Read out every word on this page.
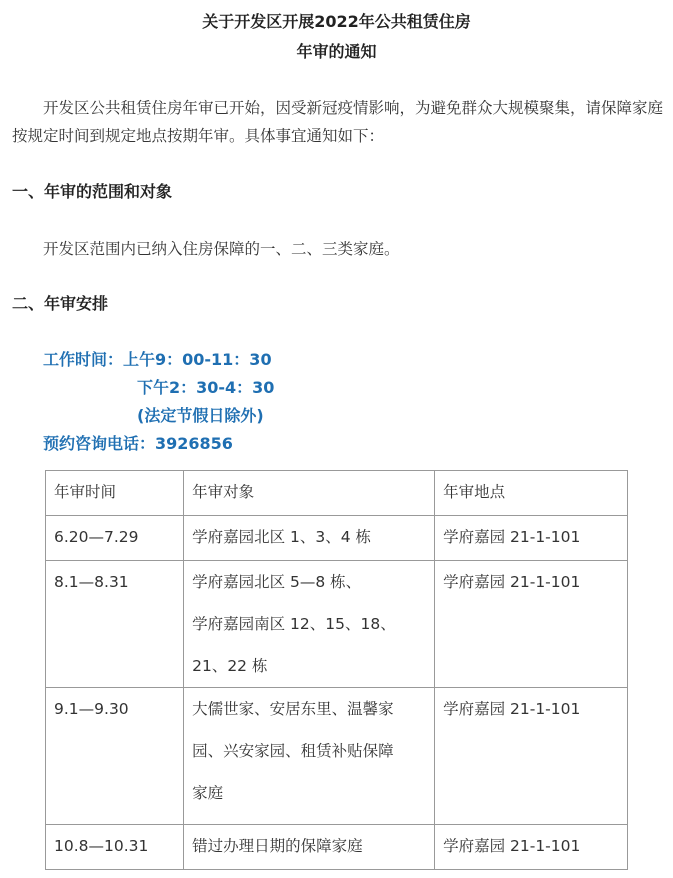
关于开发区开展2022年公共租赁住房
年审的通知
开发区公共租赁住房年审已开始，因受新冠疫情影响，为避免群众大规模聚集，请保障家庭按规定时间到规定地点按期年审。具体事宜通知如下：
一、年审的范围和对象
开发区范围内已纳入住房保障的一、二、三类家庭。
二、年审安排
工作时间：上午9：00-11：30
下午2：30-4：30
(法定节假日除外)
预约咨询电话：3926856
年审时间	年审对象	年审地点
6.20—7.29	学府嘉园北区 1、3、4 栋	学府嘉园 21-1-101
8.1—8.31	学府嘉园北区 5—8 栋、
学府嘉园南区 12、15、18、
21、22 栋	学府嘉园 21-1-101
9.1—9.30	大儒世家、安居东里、温馨家
园、兴安家园、租赁补贴保障
家庭	学府嘉园 21-1-101
10.8—10.31	错过办理日期的保障家庭	学府嘉园 21-1-101
